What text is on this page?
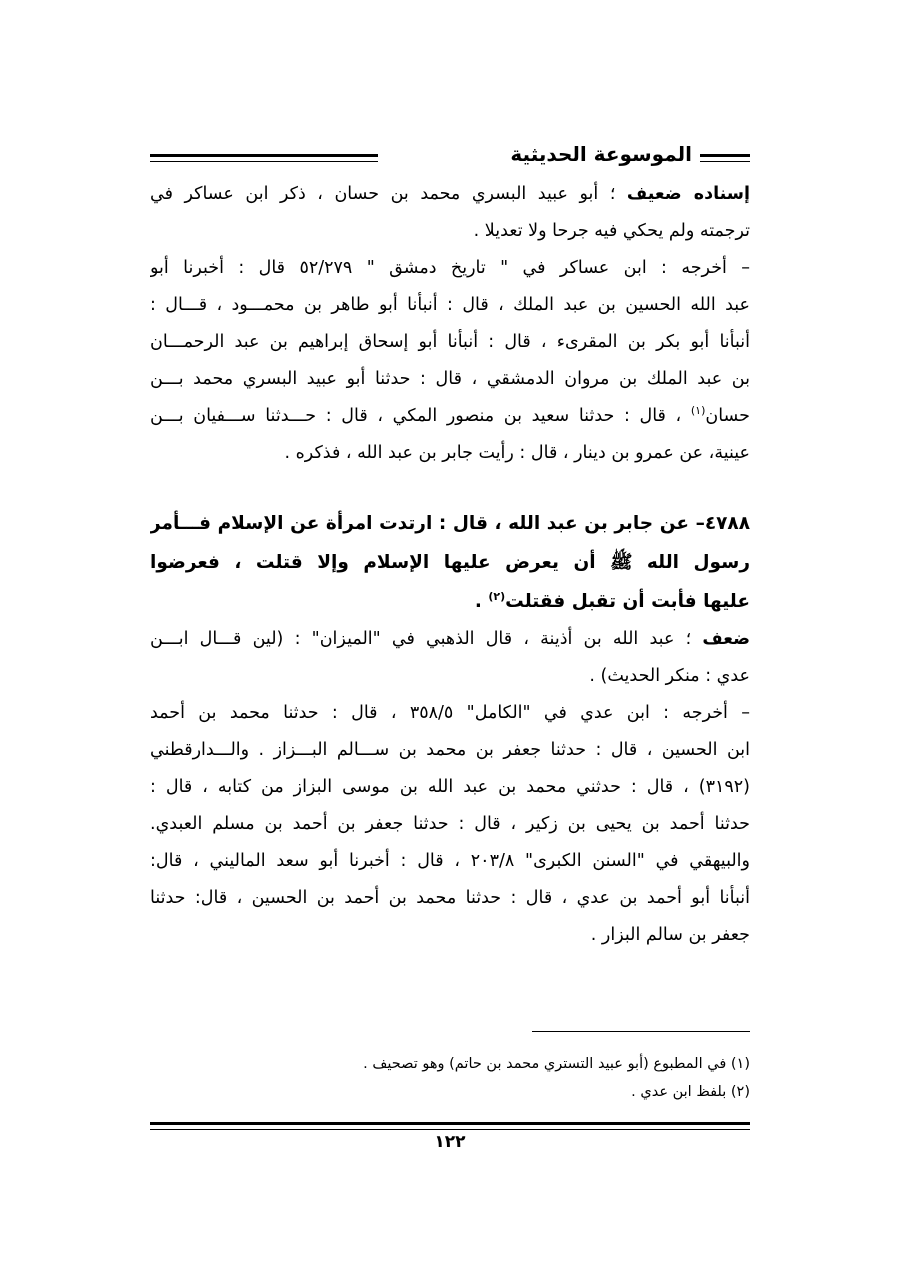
الموسوعة الحديثية
إسناده ضعيف ؛ أبو عبيد البسري محمد بن حسان ، ذكر ابن عساكر في
ترجمته ولم يحكي فيه جرحا ولا تعديلا .
– أخرجه : ابن عساكر في " تاريخ دمشق " ٥٢/٢٧٩ قال : أخبرنا أبو
عبد الله الحسين بن عبد الملك ، قال : أنبأنا أبو طاهر بن محمـــود ، قـــال :
أنبأنا أبو بكر بن المقرىء ، قال : أنبأنا أبو إسحاق إبراهيم بن عبد الرحمـــان
بن عبد الملك بن مروان الدمشقي ، قال : حدثنا أبو عبيد البسري محمد بـــن
حسان$^{(١)}$ ، قال : حدثنا سعيد بن منصور المكي ، قال : حـــدثنا ســـفيان بـــن
عينية، عن عمرو بن دينار ، قال : رأيت جابر بن عبد الله ، فذكره .
٤٧٨٨– عن جابر بن عبد الله ، قال : ارتدت امرأة عن الإسلام فـــأمر
رسول الله ﷺ أن يعرض عليها الإسلام وإلا قتلت ، فعرضوا
عليها فأبت أن تقبل فقتلت$^{(٢)}$ .
ضعف ؛ عبد الله بن أذينة ، قال الذهبي في "الميزان" : (لين قـــال ابـــن
عدي : منكر الحديث) .
– أخرجه : ابن عدي في "الكامل" ٣٥٨/٥ ، قال : حدثنا محمد بن أحمد
ابن الحسين ، قال : حدثنا جعفر بن محمد بن ســـالم البـــزاز . والـــدارقطني
(٣١٩٢) ، قال : حدثني محمد بن عبد الله بن موسى البزاز من كتابه ، قال :
حدثنا أحمد بن يحيى بن زكير ، قال : حدثنا جعفر بن أحمد بن مسلم العبدي.
والبيهقي في "السنن الكبرى" ٢٠٣/٨ ، قال : أخبرنا أبو سعد الماليني ، قال:
أنبأنا أبو أحمد بن عدي ، قال : حدثنا محمد بن أحمد بن الحسين ، قال: حدثنا
جعفر بن سالم البزار .
(١) في المطبوع (أبو عبيد التستري محمد بن حاتم) وهو تصحيف .
(٢) بلفظ ابن عدي .
١٢٢
